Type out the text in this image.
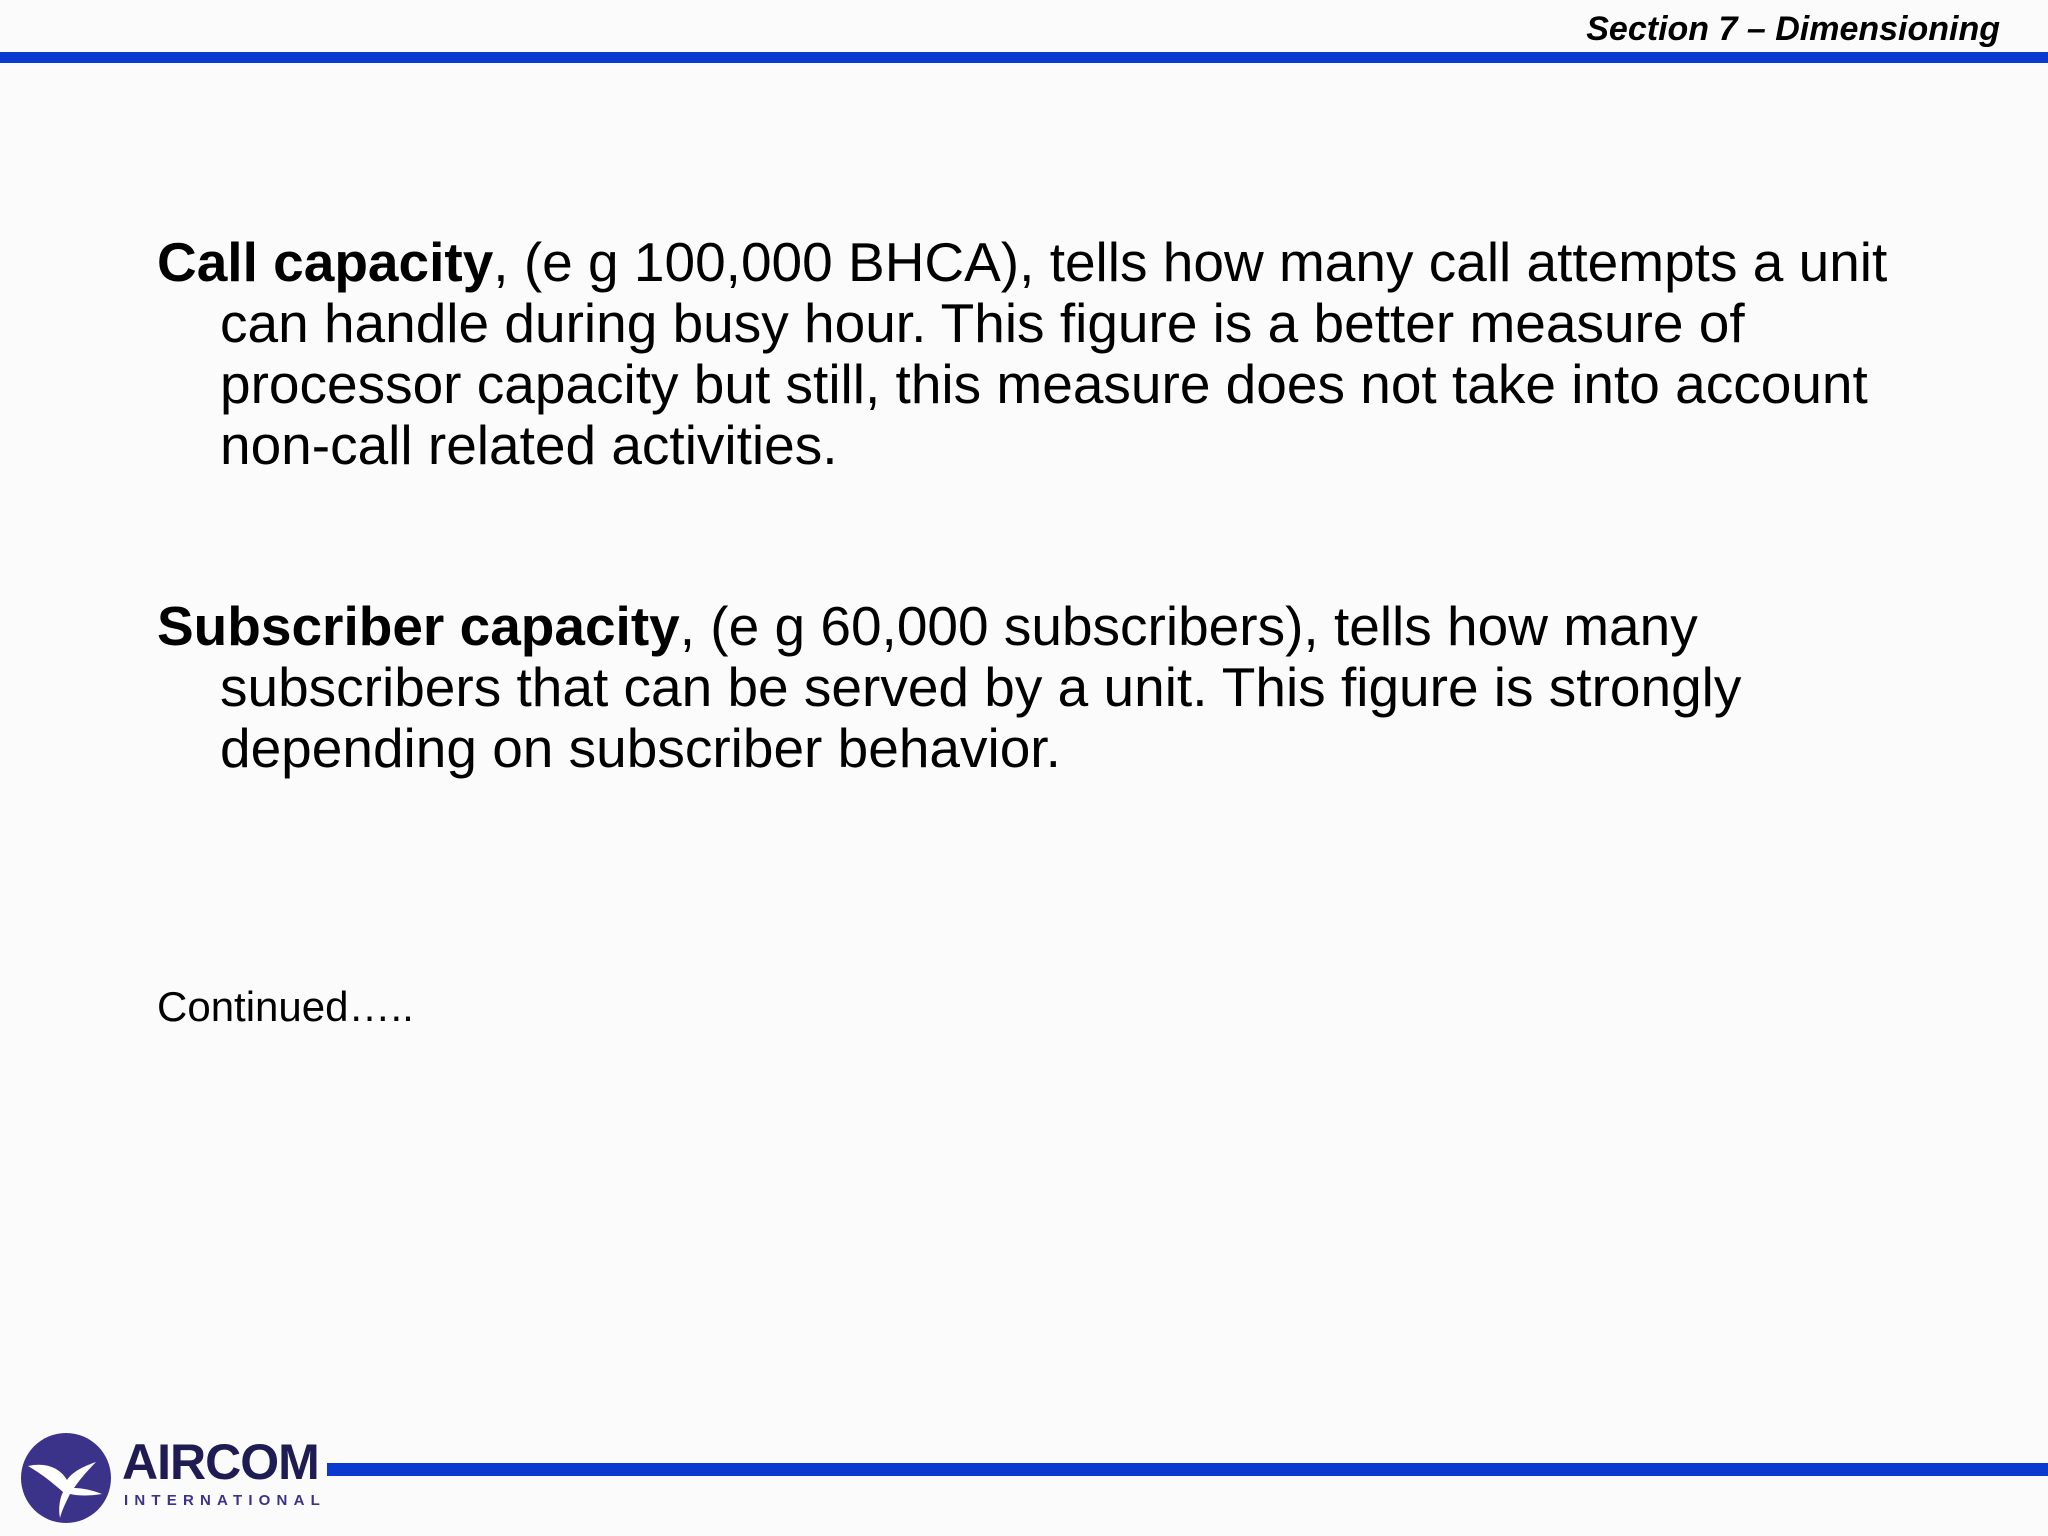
Section 7 – Dimensioning

Call capacity, (e g 100,000 BHCA), tells how many call attempts a unit can handle during busy hour. This figure is a better measure of processor capacity but still, this measure does not take into account non-call related activities.

Subscriber capacity, (e g 60,000 subscribers), tells how many subscribers that can be served by a unit. This figure is strongly depending on subscriber behavior.

Continued…..
AIRCOM
INTERNATIONAL
